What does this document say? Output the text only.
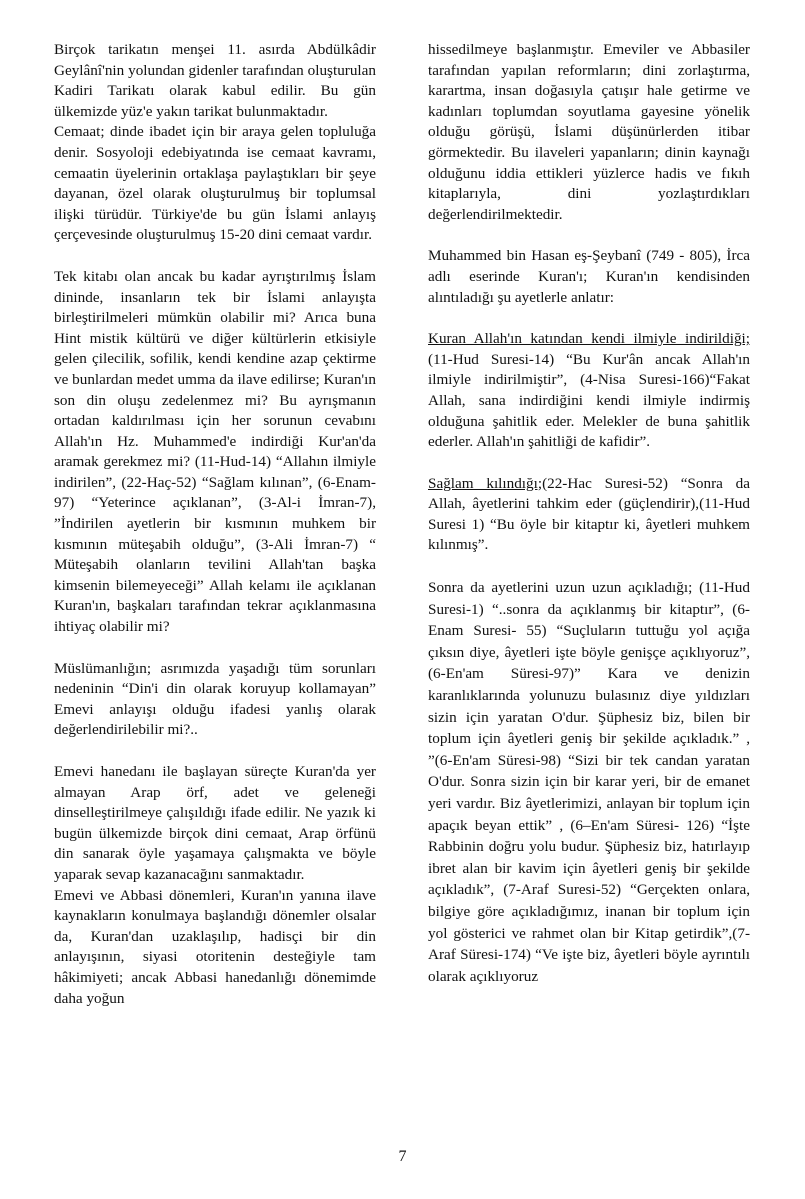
Birçok tarikatın menşei 11. asırda Abdülkâdir Geylânî'nin yolundan gidenler tarafından oluşturulan Kadiri Tarikatı olarak kabul edilir. Bu gün ülkemizde yüz'e yakın tarikat bulunmaktadır.

Cemaat; dinde ibadet için bir araya gelen topluluğa denir. Sosyoloji edebiyatında ise cemaat kavramı, cemaatin üyelerinin ortaklaşa paylaştıkları bir şeye dayanan, özel olarak oluşturulmuş bir toplumsal ilişki türüdür. Türkiye'de bu gün İslami anlayış çerçevesinde oluşturulmuş 15-20 dini cemaat vardır.

Tek kitabı olan ancak bu kadar ayrıştırılmış İslam dininde, insanların tek bir İslami anlayışta birleştirilmeleri mümkün olabilir mi? Arıca buna Hint mistik kültürü ve diğer kültürlerin etkisiyle gelen çilecilik, sofilik, kendi kendine azap çektirme ve bunlardan medet umma da ilave edilirse; Kuran'ın son din oluşu zedelenmez mi? Bu ayrışmanın ortadan kaldırılması için her sorunun cevabını Allah'ın Hz. Muhammed'e indirdiği Kur'an'da aramak gerekmez mi? (11-Hud-14) “Allahın ilmiyle indirilen”, (22-Haç-52) “Sağlam kılınan”, (6-Enam-97) “Yeterince açıklanan”, (3-Al-i İmran-7), ”İndirilen ayetlerin bir kısmının muhkem bir kısmının müteşabih olduğu”, (3-Ali İmran-7) “ Müteşabih olanların tevilini Allah'tan başka kimsenin bilemeyeceği” Allah kelamı ile açıklanan Kuran'ın, başkaları tarafından tekrar açıklanmasına ihtiyaç olabilir mi?

Müslümanlığın; asrımızda yaşadığı tüm sorunları nedeninin “Din'i din olarak koruyup kollamayan” Emevi anlayışı olduğu ifadesi yanlış olarak değerlendirilebilir mi?..

Emevi hanedanı ile başlayan süreçte Kuran'da yer almayan Arap örf, adet ve geleneği dinselleştirilmeye çalışıldığı ifade edilir. Ne yazık ki bugün ülkemizde birçok dini cemaat, Arap örfünü din sanarak öyle yaşamaya çalışmakta ve böyle yaparak sevap kazanacağını sanmaktadır.

Emevi ve Abbasi dönemleri, Kuran'ın yanına ilave kaynakların konulmaya başlandığı dönemler olsalar da, Kuran'dan uzaklaşılıp, hadisçi bir din anlayışının, siyasi otoritenin desteğiyle tam hâkimiyeti; ancak Abbasi hanedanlığı dönemimde daha yoğun

hissedilmeye başlanmıştır. Emeviler ve Abbasiler tarafından yapılan reformların; dini zorlaştırma, karartma, insan doğasıyla çatışır hale getirme ve kadınları toplumdan soyutlama gayesine yönelik olduğu görüşü, İslami düşünürlerden itibar görmektedir. Bu ilaveleri yapanların; dinin kaynağı olduğunu iddia ettikleri yüzlerce hadis ve fıkıh kitaplarıyla, dini yozlaştırdıkları değerlendirilmektedir.

Muhammed bin Hasan eş-Şeybanî (749 - 805), İrca adlı eserinde Kuran'ı; Kuran'ın kendisinden alıntıladığı şu ayetlerle anlatır:

Kuran Allah'ın katından kendi ilmiyle indirildiği; (11-Hud Suresi-14) “Bu Kur'ân ancak Allah'ın ilmiyle indirilmiştir”, (4-Nisa Suresi-166)“Fakat Allah, sana indirdiğini kendi ilmiyle indirmiş olduğuna şahitlik eder. Melekler de buna şahitlik ederler. Allah'ın şahitliği de kafidir”.

Sağlam kılındığı;(22-Hac Suresi-52) “Sonra da Allah, âyetlerini tahkim eder (güçlendirir),(11-Hud Suresi 1) “Bu öyle bir kitaptır ki, âyetleri muhkem kılınmış”.

Sonra da ayetlerini uzun uzun açıkladığı; (11-Hud Suresi-1) “..sonra da açıklanmış bir kitaptır”, (6-Enam Suresi- 55) “Suçluların tuttuğu yol açığa çıksın diye, âyetleri işte böyle genişçe açıklıyoruz”, (6-En'am Süresi-97)” Kara ve denizin karanlıklarında yolunuzu bulasınız diye yıldızları sizin için yaratan O'dur. Şüphesiz biz, bilen bir toplum için âyetleri geniş bir şekilde açıkladık.” , ”(6-En'am Süresi-98) “Sizi bir tek candan yaratan O'dur. Sonra sizin için bir karar yeri, bir de emanet yeri vardır. Biz âyetlerimizi, anlayan bir toplum için apaçık beyan ettik” , (6–En'am Süresi- 126) “İşte Rabbinin doğru yolu budur. Şüphesiz biz, hatırlayıp ibret alan bir kavim için âyetleri geniş bir şekilde açıkladık”, (7-Araf Suresi-52) “Gerçekten onlara, bilgiye göre açıkladığımız, inanan bir toplum için yol gösterici ve rahmet olan bir Kitap getirdik”,(7-Araf Süresi-174) “Ve işte biz, âyetleri böyle ayrıntılı olarak açıklıyoruz

7
